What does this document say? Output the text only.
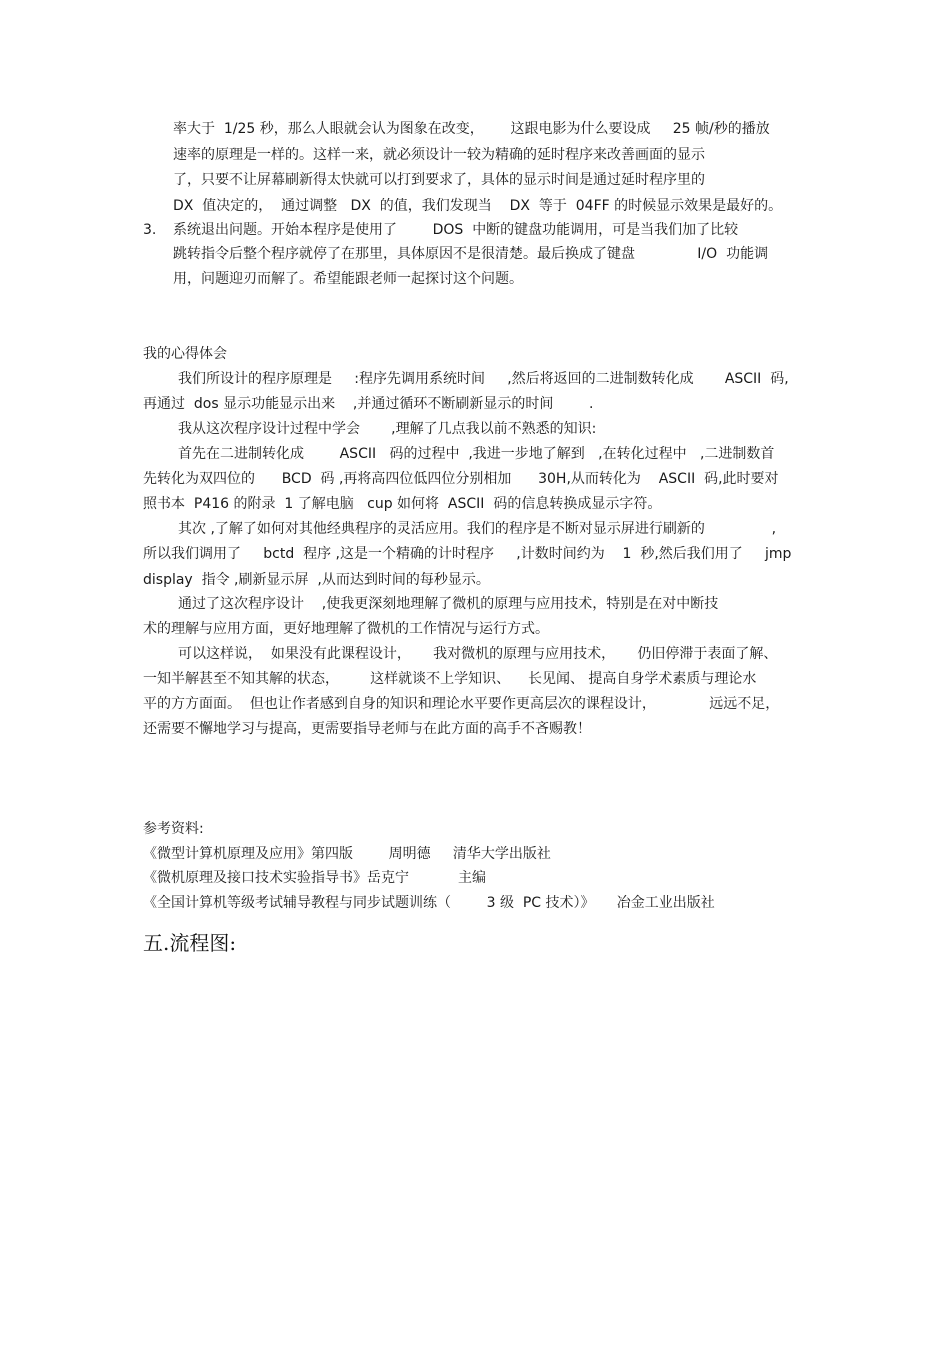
率大于  1/25 秒，那么人眼就会认为图象在改变，      这跟电影为什么要设成     25 帧/秒的播放
速率的原理是一样的。这样一来，就必须设计一较为精确的延时程序来改善画面的显示
了，只要不让屏幕刷新得太快就可以打到要求了，具体的显示时间是通过延时程序里的
DX  值决定的，  通过调整   DX  的值，我们发现当    DX  等于  04FF 的时候显示效果是最好的。
3. 系统退出问题。开始本程序是使用了        DOS  中断的键盘功能调用，可是当我们加了比较
跳转指令后整个程序就停了在那里，具体原因不是很清楚。最后换成了键盘              I/O  功能调
用，问题迎刃而解了。希望能跟老师一起探讨这个问题。
我的心得体会
我们所设计的程序原理是     :程序先调用系统时间     ,然后将返回的二进制数转化成       ASCII  码,
再通过  dos 显示功能显示出来    ,并通过循环不断刷新显示的时间        .
我从这次程序设计过程中学会       ,理解了几点我以前不熟悉的知识:
首先在二进制转化成        ASCII   码的过程中  ,我进一步地了解到   ,在转化过程中   ,二进制数首
先转化为双四位的      BCD  码 ,再将高四位低四位分别相加      30H,从而转化为    ASCII  码,此时要对
照书本  P416 的附录  1 了解电脑   cup 如何将  ASCII  码的信息转换成显示字符。
其次 ,了解了如何对其他经典程序的灵活应用。我们的程序是不断对显示屏进行刷新的               ,
所以我们调用了     bctd  程序 ,这是一个精确的计时程序     ,计数时间约为    1  秒,然后我们用了     jmp
display  指令 ,刷新显示屏  ,从而达到时间的每秒显示。
通过了这次程序设计    ,使我更深刻地理解了微机的原理与应用技术，特别是在对中断技
术的理解与应用方面，更好地理解了微机的工作情况与运行方式。
可以这样说，  如果没有此课程设计，     我对微机的原理与应用技术，     仍旧停滞于表面了解、
一知半解甚至不知其解的状态，       这样就谈不上学知识、    长见闻、 提高自身学术素质与理论水
平的方方面面。  但也让作者感到自身的知识和理论水平要作更高层次的课程设计，            远远不足，
还需要不懈地学习与提高，更需要指导老师与在此方面的高手不吝赐教！
参考资料:
《微型计算机原理及应用》第四版        周明德     清华大学出版社
《微机原理及接口技术实验指导书》岳克宁           主编
《全国计算机等级考试辅导教程与同步试题训练（        3 级  PC 技术）》     冶金工业出版社
五.流程图:
